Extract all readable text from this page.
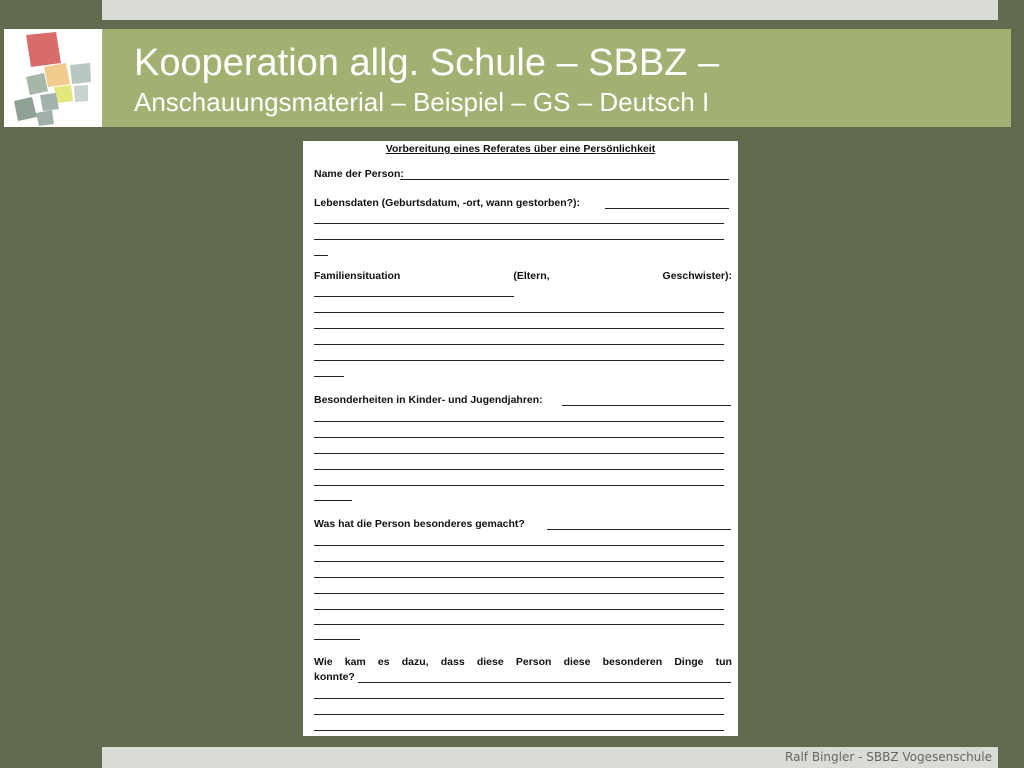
Kooperation allg. Schule – SBBZ –
Anschauungsmaterial – Beispiel – GS – Deutsch I
Vorbereitung eines Referates über eine Persönlichkeit
Name der Person:
Lebensdaten (Geburtsdatum, -ort, wann gestorben?):
Familiensituation	(Eltern,	Geschwister):
Besonderheiten in Kinder- und Jugendjahren:
Was hat die Person besonderes gemacht?
Wie kam es dazu, dass diese Person diese besonderen Dinge tun
konnte?
Ralf Bingler - SBBZ Vogesenschule
